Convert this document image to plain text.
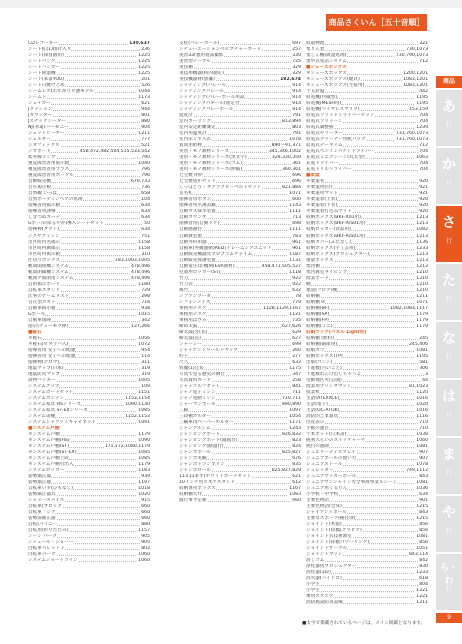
商品さくいん［五十音順］
CDレコーダー	130,637
シート拡(1)掛け入り	236
シート(保育園用)	1225
シートパンク	1225
シートハンガー	1225
シート除湿機	1225
シート(本書YOU)	201
シート日焼けどめ	526
シームレス(お年寄り介護モデル	1044
シームド	1173
シェイカー	621
Jクッション	944
Jカウンター	801
Jスナックンーター	880
NJ(永遠)ハーモニー	904
ジェットヒーター	1211
シェルター	777
ジオフィックス	521
ジオボード	458,472,482,504,515,533,542
紫外線ランプ	790
視覚障害者用掲示板	1040
視覚障害者用プラス	796
視覚障害者用ボーグル	796
自動販売機	676,733
自在掲示板	736
自然観 いろは	658
自然ボーディンヘアの処理	104
指導者用掲示板	634
指導者用誘導	634
しきつめカーテ	634
Gボール(ゆるやか)導入シートセット	50
指揮棒(タクト)	634
ジグザグミシン	751
市区町村名掲示	1158
市区町村旗掲示	1158
市区町村掲示板	310
仕切りボックス	183,1003,1005
軌間開閉機システム	478,496
軌間閉鎖機システム	478,496
軌閉ア開閉用システム	478,496
自由掲示ボード	1180
自転車スタンド	729
仕事のゲームリスト	298
自在型カカト	716
自動車掲示板	938
Gボール	1015
自動車保険	342
指示(チューモク棒)	137,266
■軽石
＊軽石	1056
＊軽石(ビタラバ入)	1072
指導者用 女子への配慮	954
指揮者用 女子への配慮	114
指揮棒(アロマ)	311
地震マップ(日本)	319
地震防災マップ	319
漬物パッキー	1005
システムアップ	109
システムカートセット	1151
システムカンテン	1153,1154
システム家具 HSシリーズ	1090,1130
システム家具 ST-EXシリーズ	1085
システム書棚	1152,1153
システムジャケットキャビネット	1091
■システム戸棚
＊システム戸棚	1179
＊システム戸棚(HS)	1090
＊システム戸棚(ST)	171,172,1080,1179
＊システム戸棚(ST-EX)	1085
＊システム戸棚上段	1085
＊システム戸棚引出入	1179
システムロッカー	1183
姿勢矯正器	939
姿勢矯正器	1197
自転車いす(ひもなし)	1018
姿勢矯正器具	1020
シャドースパイス	915
自転車(ブロック	660
自転車「ジグ	660
姿勢前補正器	660
自転(パイニー	880
自転用(折りたたみ)	1157
シーン パーク	905
シシュール・ショーー	905
白転車パレットＪ	802
白転車パーク	1060
システムショートコイン	1060
支柱(パレーボール)	697
シチューエーションペピブチャーカード	257
実習33(悪用製品撮影	330
実習型テーブル	725
実技棚	329
実技用機器(校内測定)	329
実技機器材(胆嚢)	182,674
シッティング(バレール	914
シッティングパレール	914
シッティング(パレーポール用品	914
シッティングパネール(固定台	914
シッティングパレーボール	914
湿度計	791
室内カーリング	813,894
室内安定距離測定	803
室内用温度計	791
室内床くず入れ	1078
質問用紙棒	890～91,371
実習・モノ教材シリーズ	345,346,1002
実用・モノ教材シリーズ(黒文字)	329,330,359
実用・モノ教材シリーズ(ゴム)	361
実用・モノ教材シリーズ(伸縮)	360,361
七宝焼 閉炉	696
七宝焼電炉セット	696
しっぽとり・タグラグビーベルトセット	821,884
室名札	1071
指揮者用ボタン	600
指揮者用名簿書籍	1143
自動ガス採水装置	1111
自動カウンタ	713
指揮者用(自動ドア)	698
自動感謝台	1111
自動教室製	783
自動外科用器	961
自動車(外観運動)AED)トレーニングユニット	961
自動販売機器具プログラムチャイム	1187
自動販売保護装置	1131
自動電圧(非機関(EVA教材)	458,471,505,527
児童用ロッカー(ST)	1118
竹刀	922
竹刀袋	922
篠竹	632
シファンクーダ	78
シフォンノイズ	779
事務用デスク	1128,1129,1167
事務用デスク	1121
事務用はさみ	735
締め太鼓	627,626
締太鼓(ぎ(長)	629
締太鼓(直)	627
シャーシー	699
ジャイアントワールドマップ	260
杓子	277
尺八	632
邪魔(1)止め	1175
写真で見る歴史の舞台	347
写真資料カード	258
ジャトゴルフセット	841
ジャノ電子ミシン	711
ジャノ電動ミシン	710,711
ジャーマンボール	890,890
三脚	1097
三段棚ホルダー	1054
三輪車用ペーパーホルダー	1171
ジャングルジム	1243
ジャンピングボード	826,832
ジャンピングボード(踏越台)	823
ジャンピング(踏越)台	824
ジャンボボール	825,827
ジャンボ実験	676
ジャンボトランポリン	835
ジャンボロール	825,827,829
11×11ます(ホワイトボードセット	621
10インチ用スネアスタンド	612
収納専用ボックス	1167
収納棚大作	1083
週行事予定板	660
収取物流	321
集りん着	730,1073
集じん機(吸湿処理)	730,790,1073
集中式電話システム	712
■シューズボックス
＊シューズボックス	1200,1201
＊シューズボックス(鍵式)	1083,1201
＊シューズボックス(生徒用)	1083,1201
十五針盤	442
収電機(内蔵型)	1195
収電機(MESH用)	1195
収電機(ワイヤレスマイク)	153,159
収電式ソリッドトライバーセット	704
収電式ソリトーン	704
収電式調整板	1239
収電式ゼリーター	731,760,1073
収電式クリーナー用紙バック	731,760,1073
収電式データイム	712
充電式ペンインパクトドライバー	704
充電式ミニグシーン(丸太型)	1063
充電ドライバー	704
充電ドリルドライバー	704
■柔道
＊柔道衣	920
＊柔道帯(白)	921
＊柔道用マット	921
＊柔道着(上衣)	920
＊柔道着(下衣)	920
＊柔道着打込みマット	920
収納ボックス(BKF-X01用)	1213
収納ボックス(BKF-A/S01用)	1213
収納ロッカー(食品用)	1082
収納ボックス(BKF-A/S01用)	1213
収納カバー(ふたなし)	1136
収納ボックス(手工芸用)	1233
収納ボックス(プロジェクター)	1213
重量ボックス	1213
集団棚	1212
集団教室タイピング	1210
授業ボード	1210
棚	1210
柔道(フロア)棚	1210
収納棚	1211
収納棚 H	1071
収納棚(BF)	1082,1083,1117
収納棚(SP)	1179
収納棚(FP)	1179
収納棚(ミニ)	1179
収納ラック(パネル Light用)
収納棚 (無料)	245
収納棚(銀庫用)	245,406
収納カゴ	1081
収納ボックス(TP)	1195
出版(コンシ)	581
十進数(古いこと)	306
十進数れんげ出しちゃうよ	3
受動地区火(公開)	44
授業用プリンタマット	81,1023
授業机	1120
主語(ATEXXCE)	1016
主語(電子)	1020
主語(OC-ATOK)	1016
消防的ごま器具	1116
出産表示	710
手帳の運び	710
十本ポット(日本語)	1038
純利入らいのスイッチャーチ	1060
純白の漁師	1081
ジュエリーディスプレイ	907
ジュニアボールの使い方	907
ジュニアストール	1078
シュレッダー	749,1112
ジュニアサッカーボール	843
ジュニアサンシャイン児全事故事業ルシーン	1081
ジュニア用くるりん	1036
小学校・中学校	634
主要色物語	901
主要色物語(全身)	1215
ジャイアントボール	843
主要なスポーツ(種目別)	1215
ジョイント(木製)	856
ジョイント(陸橋(グラビア)	856
ジョイント式技術教室	1081
ジョイント(陸橋パワーリンク)	856
ジョイントサークル	1051
ジョイントマット	843,114
消しゴム	842
浄化器用プロジェクター	830
消化器(1段)	1233
消火器(ハイドロ)	618
小学生	804
小学生	1221
乗用スクエア	1221
消防施設防災設備	1211
商品
あ
行
か
行
さ
行
た
行
な
行
は
行
ま
行
や
行
ら・わ
行
■太字で掲載されているページは、メイン掲載となります。
9
